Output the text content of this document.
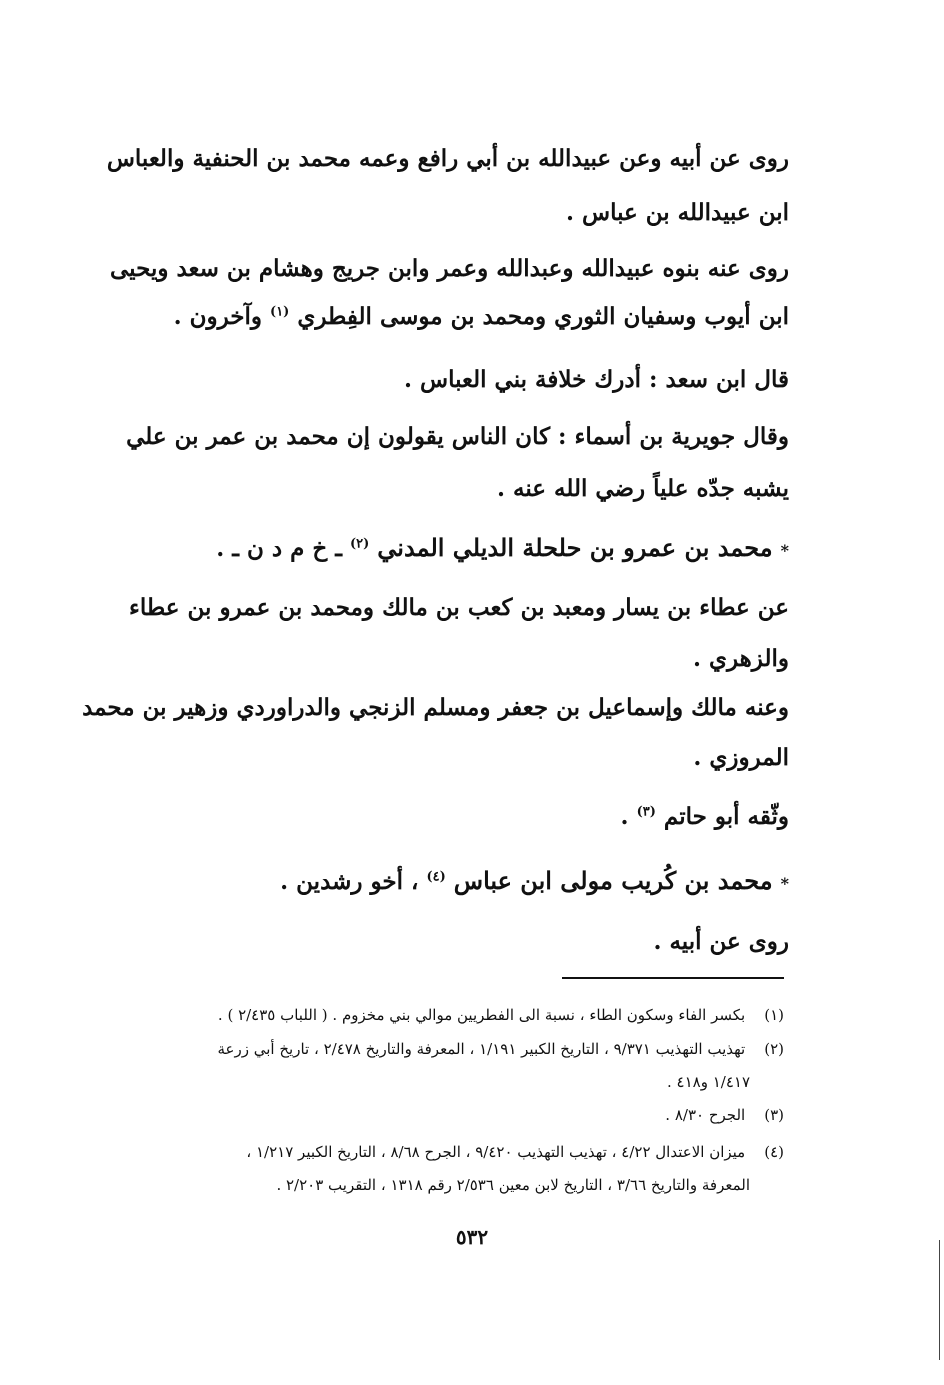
روى عن أبيه وعن عبيدالله بن أبي رافع وعمه محمد بن الحنفية والعباس
ابن عبيدالله بن عباس .
روى عنه بنوه عبيدالله وعبدالله وعمر وابن جريج وهشام بن سعد ويحيى
ابن أيوب وسفيان الثوري ومحمد بن موسى الفِطري $^{(١)}$ وآخرون .
قال ابن سعد : أدرك خلافة بني العباس .
وقال جويرية بن أسماء : كان الناس يقولون إن محمد بن عمر بن علي
يشبه جدّه علياً رضي الله عنه .
* محمد بن عمرو بن حلحلة الديلي المدني $^{(٢)}$ ـ خ م د ن ـ .
عن عطاء بن يسار ومعبد بن كعب بن مالك ومحمد بن عمرو بن عطاء
والزهري .
وعنه مالك وإسماعيل بن جعفر ومسلم الزنجي والدراوردي وزهير بن محمد
المروزي .
وثّقه أبو حاتم $^{(٣)}$ .
* محمد بن كُريب مولى ابن عباس $^{(٤)}$ ، أخو رشدين .
روى عن أبيه .
(١) بكسر الفاء وسكون الطاء ، نسبة الى الفطريين موالي بني مخزوم . ( اللباب ٢/٤٣٥ ) .
(٢) تهذيب التهذيب ٩/٣٧١ ، التاريخ الكبير ١/١٩١ ، المعرفة والتاريخ ٢/٤٧٨ ، تاريخ أبي زرعة
١/٤١٧ و٤١٨ .
(٣) الجرح ٨/٣٠ .
(٤) ميزان الاعتدال ٤/٢٢ ، تهذيب التهذيب ٩/٤٢٠ ، الجرح ٨/٦٨ ، التاريخ الكبير ١/٢١٧ ،
المعرفة والتاريخ ٣/٦٦ ، التاريخ لابن معين ٢/٥٣٦ رقم ١٣١٨ ، التقريب ٢/٢٠٣ .
٥٣٢
